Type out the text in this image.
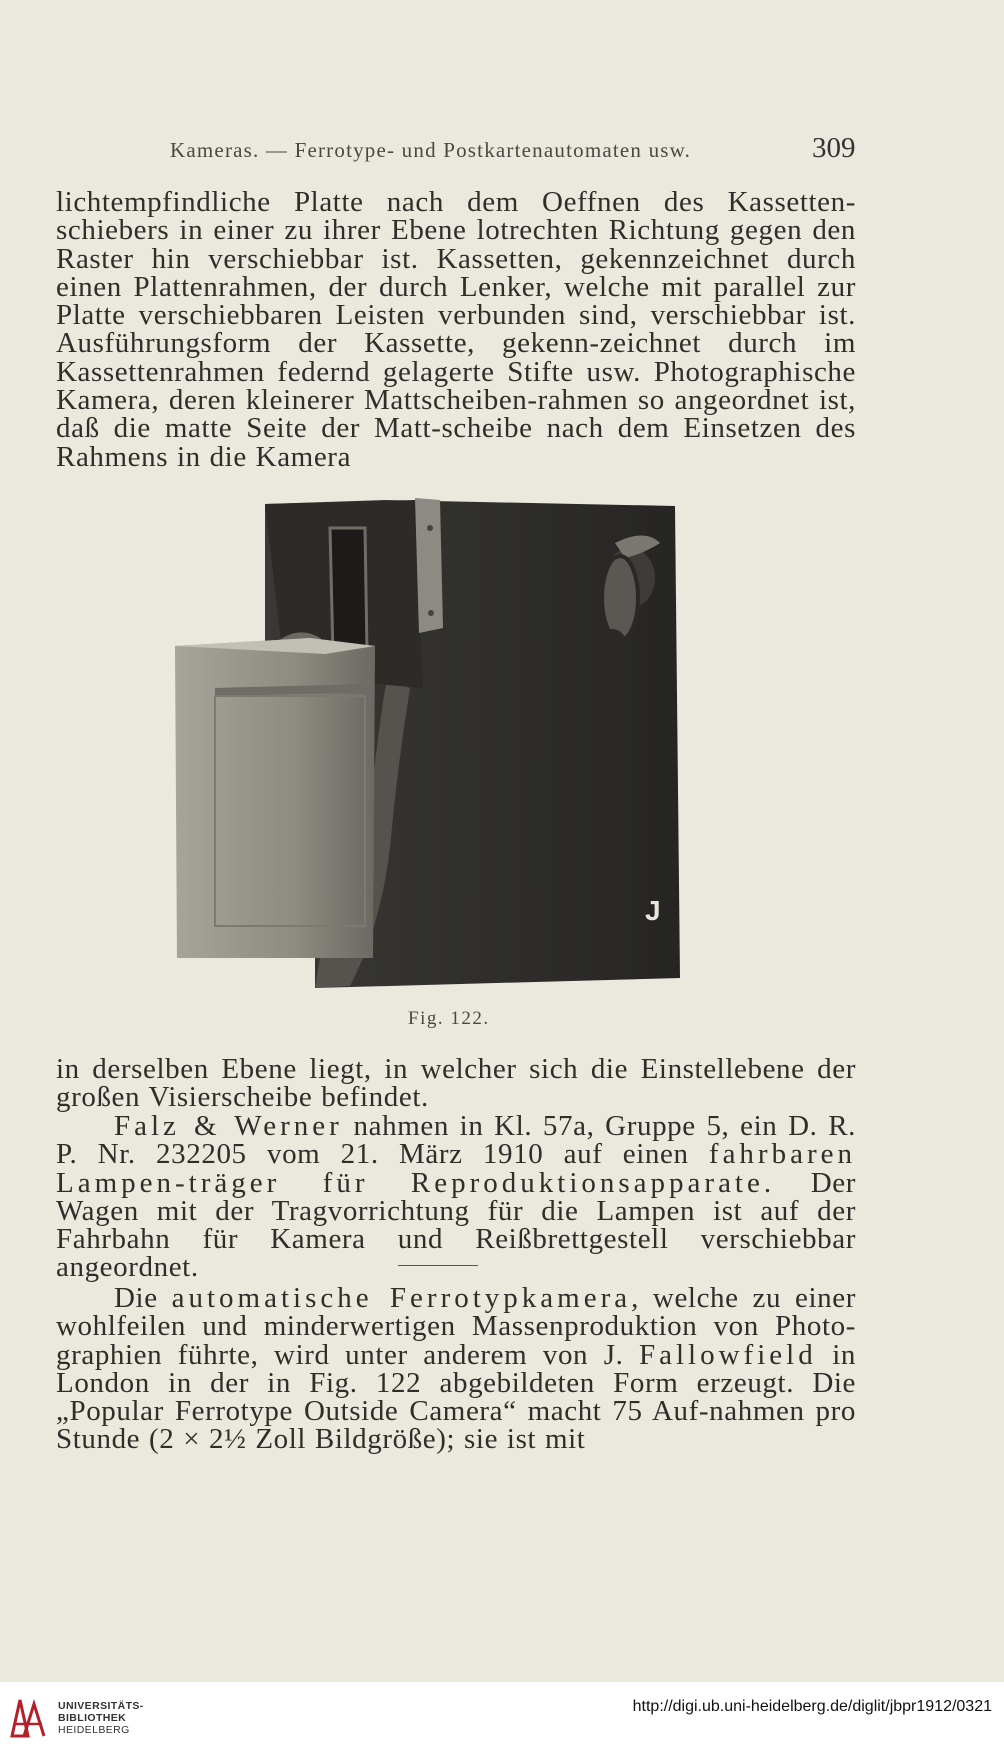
Kameras. — Ferrotype- und Postkartenautomaten usw.	309

lichtempfindliche Platte nach dem Oeffnen des Kassetten-schiebers in einer zu ihrer Ebene lotrechten Richtung gegen den Raster hin verschiebbar ist. Kassetten, gekennzeichnet durch einen Plattenrahmen, der durch Lenker, welche mit parallel zur Platte verschiebbaren Leisten verbunden sind, verschiebbar ist. Ausführungsform der Kassette, gekenn-zeichnet durch im Kassettenrahmen federnd gelagerte Stifte usw. Photographische Kamera, deren kleinerer Mattscheiben-rahmen so angeordnet ist, daß die matte Seite der Matt-scheibe nach dem Einsetzen des Rahmens in die Kamera

J
Fig. 122.

in derselben Ebene liegt, in welcher sich die Einstellebene der großen Visierscheibe befindet.

Falz & Werner nahmen in Kl. 57a, Gruppe 5, ein D. R. P. Nr. 232205 vom 21. März 1910 auf einen fahrbaren Lampen-träger für Reproduktionsapparate. Der Wagen mit der Tragvorrichtung für die Lampen ist auf der Fahrbahn für Kamera und Reißbrettgestell verschiebbar angeordnet.

Die automatische Ferrotypkamera, welche zu einer wohlfeilen und minderwertigen Massenproduktion von Photo-graphien führte, wird unter anderem von J. Fallowfield in London in der in Fig. 122 abgebildeten Form erzeugt. Die „Popular Ferrotype Outside Camera“ macht 75 Auf-nahmen pro Stunde (2 × 2½ Zoll Bildgröße); sie ist mit

UNIVERSITÄTS-
BIBLIOTHEK
HEIDELBERG
http://digi.ub.uni-heidelberg.de/diglit/jbpr1912/0321
